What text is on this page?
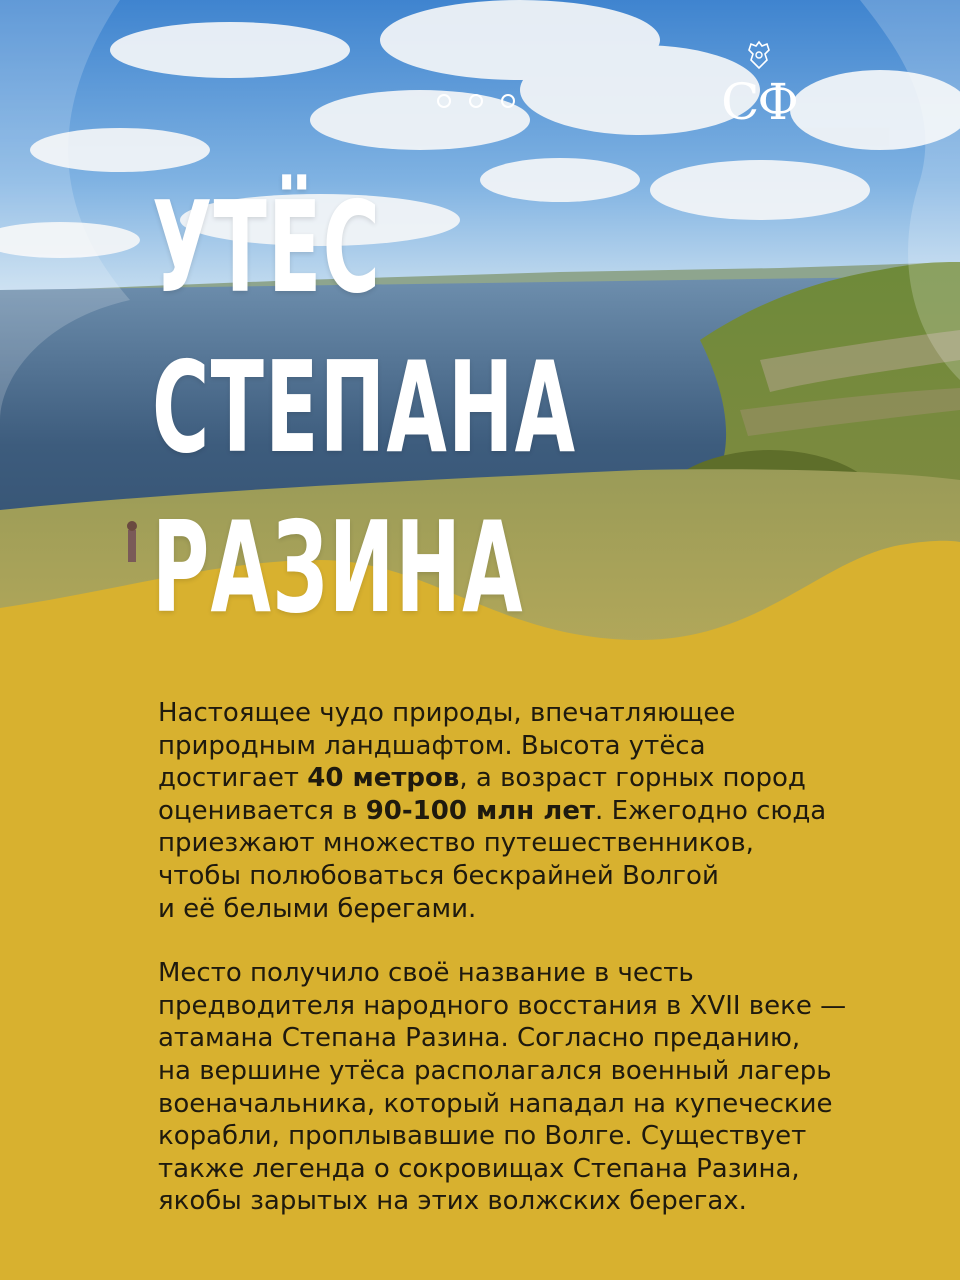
СФ
УТЁС
СТЕПАНА
РАЗИНА

Настоящее чудо природы, впечатляющее
природным ландшафтом. Высота утёса
достигает 40 метров, а возраст горных пород
оценивается в 90-100 млн лет. Ежегодно сюда
приезжают множество путешественников,
чтобы полюбоваться бескрайней Волгой
и её белыми берегами.

Место получило своё название в честь
предводителя народного восстания в XVII веке —
атамана Степана Разина. Согласно преданию,
на вершине утёса располагался военный лагерь
военачальника, который нападал на купеческие
корабли, проплывавшие по Волге. Существует
также легенда о сокровищах Степана Разина,
якобы зарытых на этих волжских берегах.
